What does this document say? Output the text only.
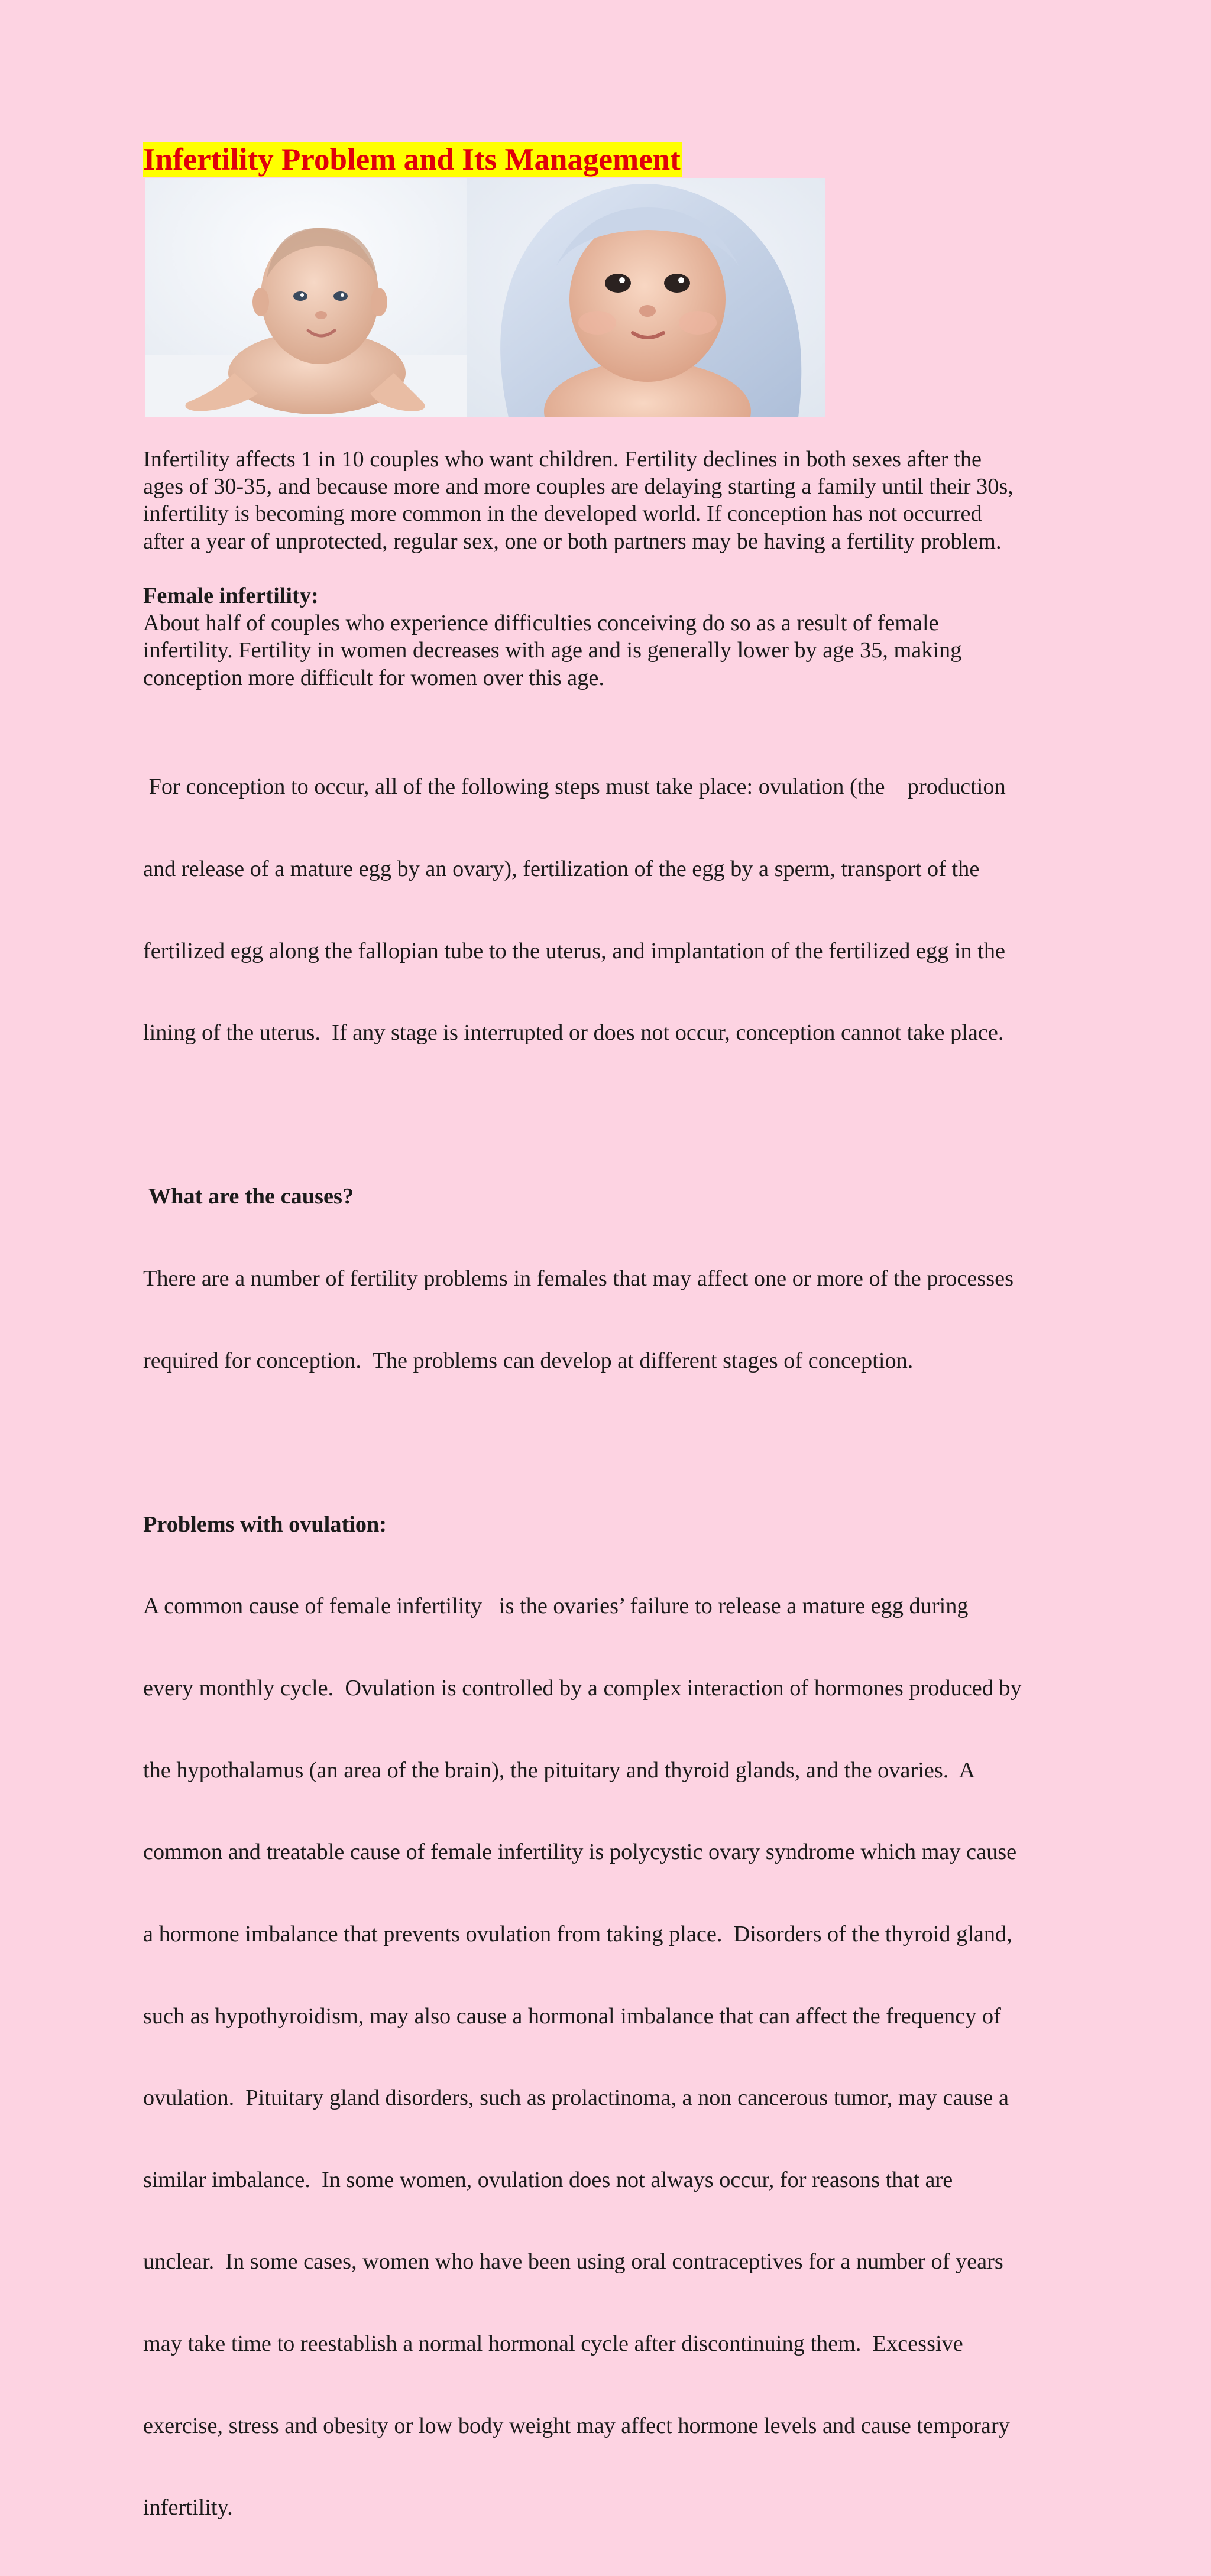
Infertility Problem and Its Management

Infertility affects 1 in 10 couples who want children. Fertility declines in both sexes after the

ages of 30-35, and because more and more couples are delaying starting a family until their 30s,

infertility is becoming more common in the developed world. If conception has not occurred

after a year of unprotected, regular sex, one or both partners may be having a fertility problem.

Female infertility:

About half of couples who experience difficulties conceiving do so as a result of female

infertility. Fertility in women decreases with age and is generally lower by age 35, making

conception more difficult for women over this age.

For conception to occur, all of the following steps must take place: ovulation (the    production

and release of a mature egg by an ovary), fertilization of the egg by a sperm, transport of the

fertilized egg along the fallopian tube to the uterus, and implantation of the fertilized egg in the

lining of the uterus.  If any stage is interrupted or does not occur, conception cannot take place.

What are the causes?

There are a number of fertility problems in females that may affect one or more of the processes

required for conception.  The problems can develop at different stages of conception.

Problems with ovulation:

A common cause of female infertility   is the ovaries’ failure to release a mature egg during

every monthly cycle.  Ovulation is controlled by a complex interaction of hormones produced by

the hypothalamus (an area of the brain), the pituitary and thyroid glands, and the ovaries.  A

common and treatable cause of female infertility is polycystic ovary syndrome which may cause

a hormone imbalance that prevents ovulation from taking place.  Disorders of the thyroid gland,

such as hypothyroidism, may also cause a hormonal imbalance that can affect the frequency of

ovulation.  Pituitary gland disorders, such as prolactinoma, a non cancerous tumor, may cause a

similar imbalance.  In some women, ovulation does not always occur, for reasons that are

unclear.  In some cases, women who have been using oral contraceptives for a number of years

may take time to reestablish a normal hormonal cycle after discontinuing them.  Excessive

exercise, stress and obesity or low body weight may affect hormone levels and cause temporary

infertility.
